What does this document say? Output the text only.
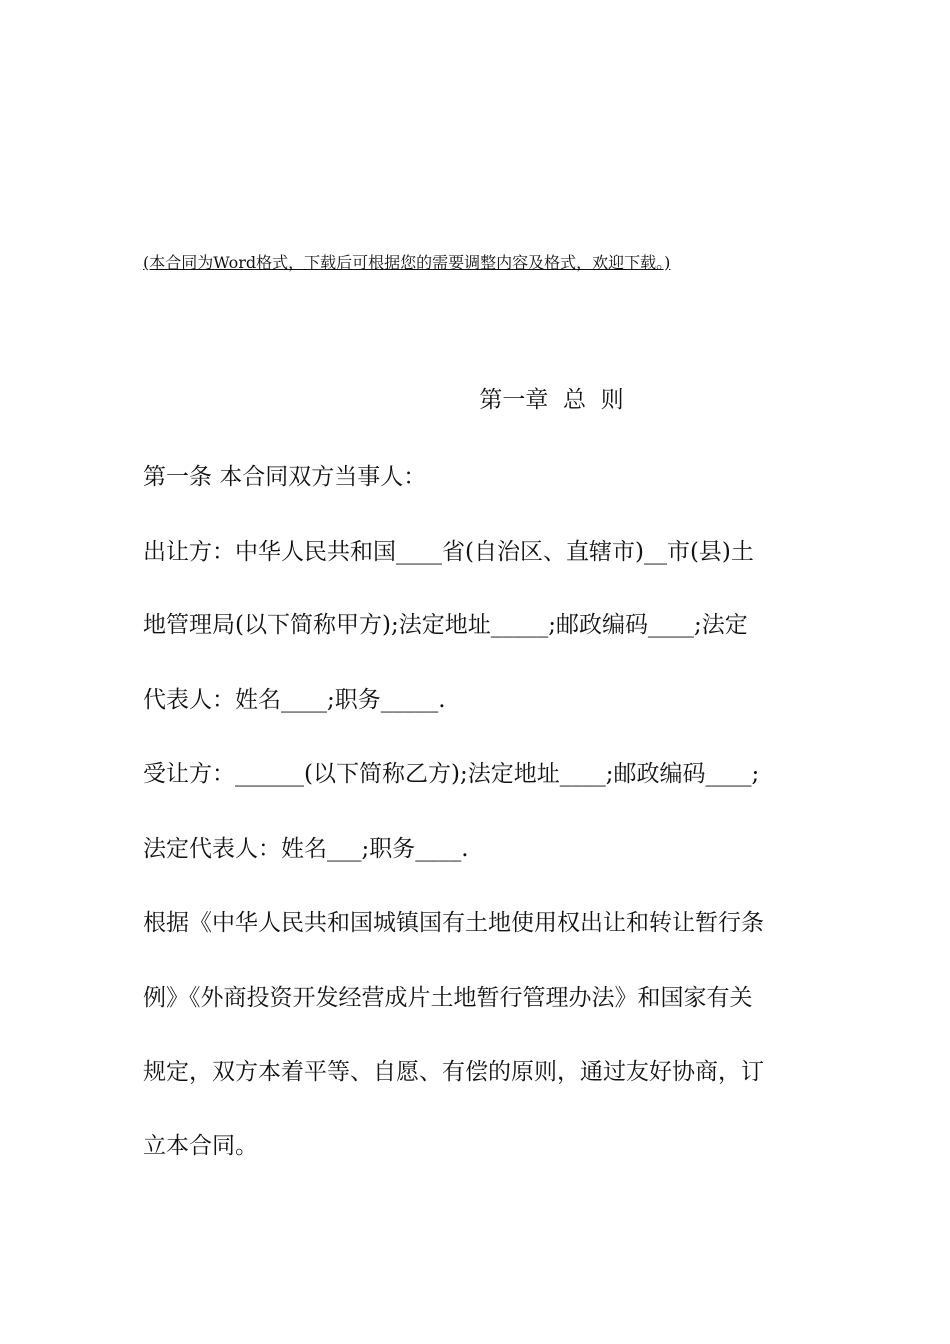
(本合同为Word格式，下载后可根据您的需要调整内容及格式，欢迎下载。)
第一章  总  则
第一条 本合同双方当事人：
出让方：中华人民共和国____省(自治区、直辖市)__市(县)土
地管理局(以下简称甲方);法定地址_____;邮政编码____;法定
代表人：姓名____;职务_____.
受让方：______(以下简称乙方);法定地址____;邮政编码____;
法定代表人：姓名___;职务____.
根据《中华人民共和国城镇国有土地使用权出让和转让暂行条
例》《外商投资开发经营成片土地暂行管理办法》和国家有关
规定，双方本着平等、自愿、有偿的原则，通过友好协商，订
立本合同。
